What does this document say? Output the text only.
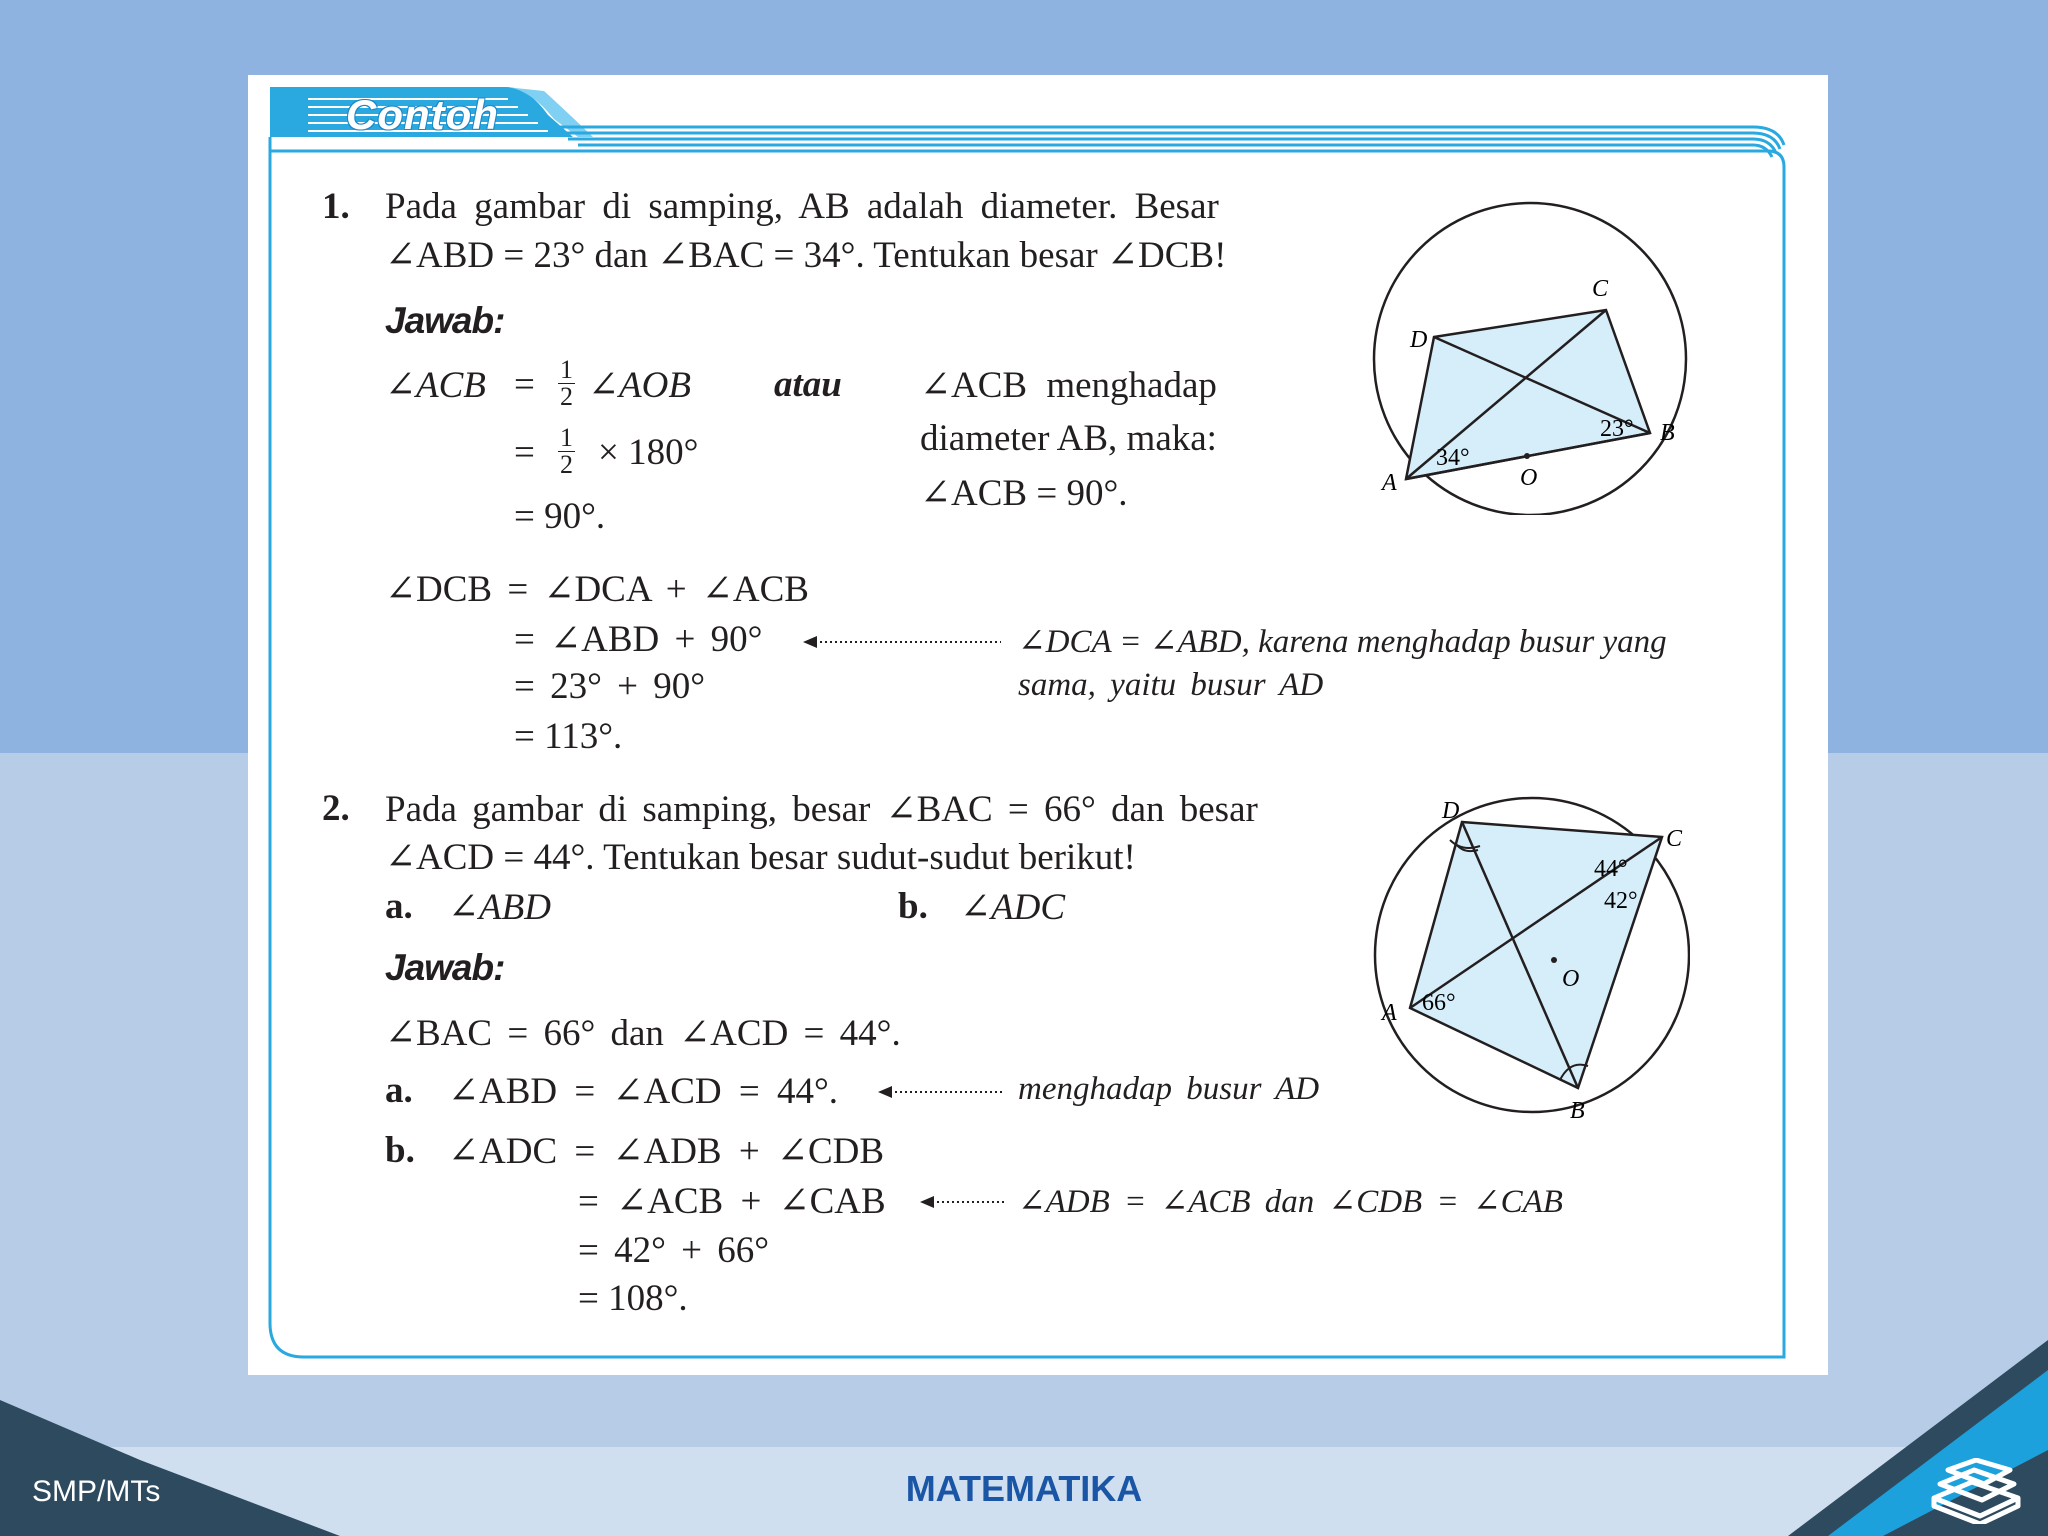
SMP/MTs	MATEMATIKA
Contoh
1. Pada gambar di samping, AB adalah diameter. Besar
∠ABD = 23° dan ∠BAC = 34°. Tentukan besar ∠DCB!
Jawab:
∠ACB = $\frac{1}{2}$ ∠AOB atau
= $\frac{1}{2} \times 180^\circ$
= 90°.
∠ACB menghadap
diameter AB, maka:
∠ACB = 90°.
∠DCB = ∠DCA + ∠ACB
= ∠ABD + 90°
= 23° + 90°
= 113°.
∠DCA = ∠ABD, karena menghadap busur yang
sama, yaitu busur AD
C
D
B
A	O
23°
34°
2. Pada gambar di samping, besar ∠BAC = 66° dan besar
∠ACD = 44°. Tentukan besar sudut-sudut berikut!
a. ∠ABD	b. ∠ADC
Jawab:
∠BAC = 66° dan ∠ACD = 44°.
a. ∠ABD = ∠ACD = 44°.	menghadap busur AD
b. ∠ADC = ∠ADB + ∠CDB
= ∠ACB + ∠CAB
= 42° + 66°
= 108°.
∠ADB = ∠ACB dan ∠CDB = ∠CAB
D
C
A
B
O
44°
42°
66°
